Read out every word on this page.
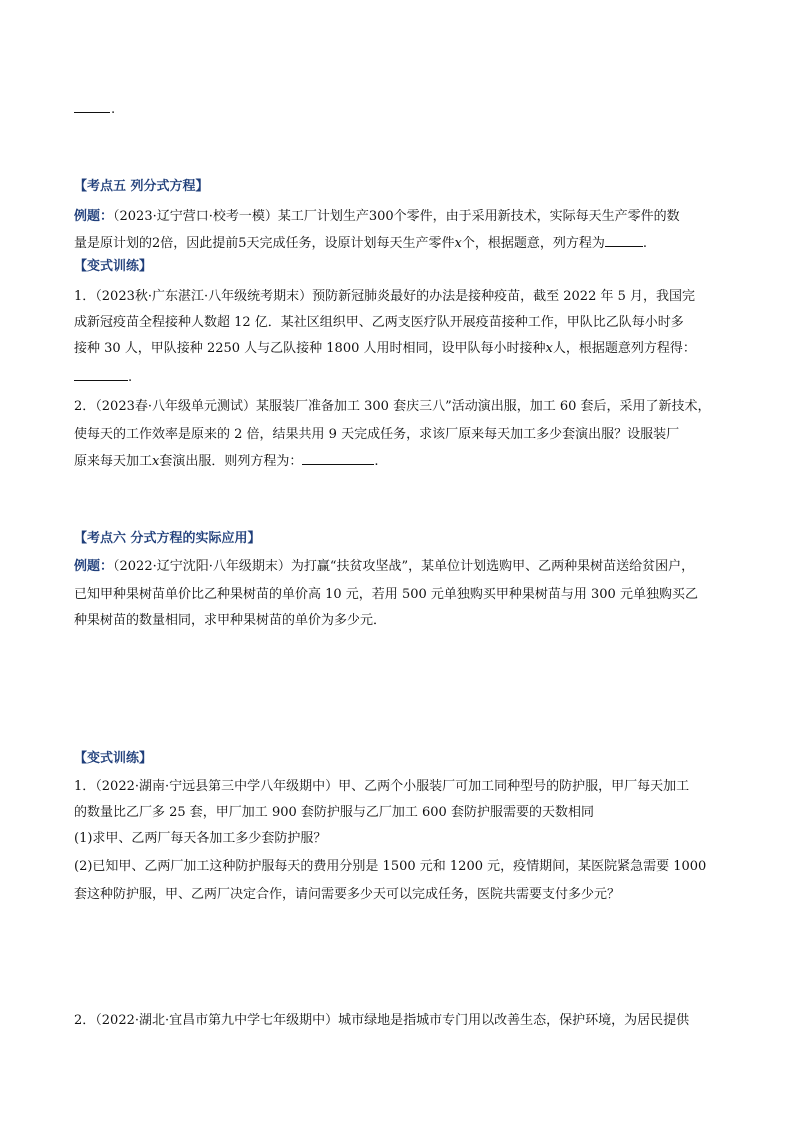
.
【考点五 列分式方程】
例题：（2023·辽宁营口·校考一模）某工厂计划生产300个零件，由于采用新技术，实际每天生产零件的数
量是原计划的2倍，因此提前5天完成任务，设原计划每天生产零件x个，根据题意，列方程为	.
【变式训练】
1．（2023秋·广东湛江·八年级统考期末）预防新冠肺炎最好的办法是接种疫苗，截至 2022 年 5 月，我国完
成新冠疫苗全程接种人数超 12 亿．某社区组织甲、乙两支医疗队开展疫苗接种工作，甲队比乙队每小时多
接种 30 人，甲队接种 2250 人与乙队接种 1800 人用时相同，设甲队每小时接种x人，根据题意列方程得：
.
2．（2023春·八年级单元测试）某服装厂准备加工 300 套庆三八”活动演出服，加工 60 套后，采用了新技术，
使每天的工作效率是原来的 2 倍，结果共用 9 天完成任务，求该厂原来每天加工多少套演出服？设服装厂
原来每天加工x套演出服．则列方程为：	.
【考点六 分式方程的实际应用】
例题：（2022·辽宁沈阳·八年级期末）为打赢“扶贫攻坚战”，某单位计划选购甲、乙两种果树苗送给贫困户，
已知甲种果树苗单价比乙种果树苗的单价高 10 元，若用 500 元单独购买甲种果树苗与用 300 元单独购买乙
种果树苗的数量相同，求甲种果树苗的单价为多少元．
【变式训练】
1．（2022·湖南·宁远县第三中学八年级期中）甲、乙两个小服装厂可加工同种型号的防护服，甲厂每天加工
的数量比乙厂多 25 套，甲厂加工 900 套防护服与乙厂加工 600 套防护服需要的天数相同
(1)求甲、乙两厂每天各加工多少套防护服？
(2)已知甲、乙两厂加工这种防护服每天的费用分别是 1500 元和 1200 元，疫情期间，某医院紧急需要 1000
套这种防护服，甲、乙两厂决定合作，请问需要多少天可以完成任务，医院共需要支付多少元？
2．（2022·湖北·宜昌市第九中学七年级期中）城市绿地是指城市专门用以改善生态，保护环境，为居民提供
